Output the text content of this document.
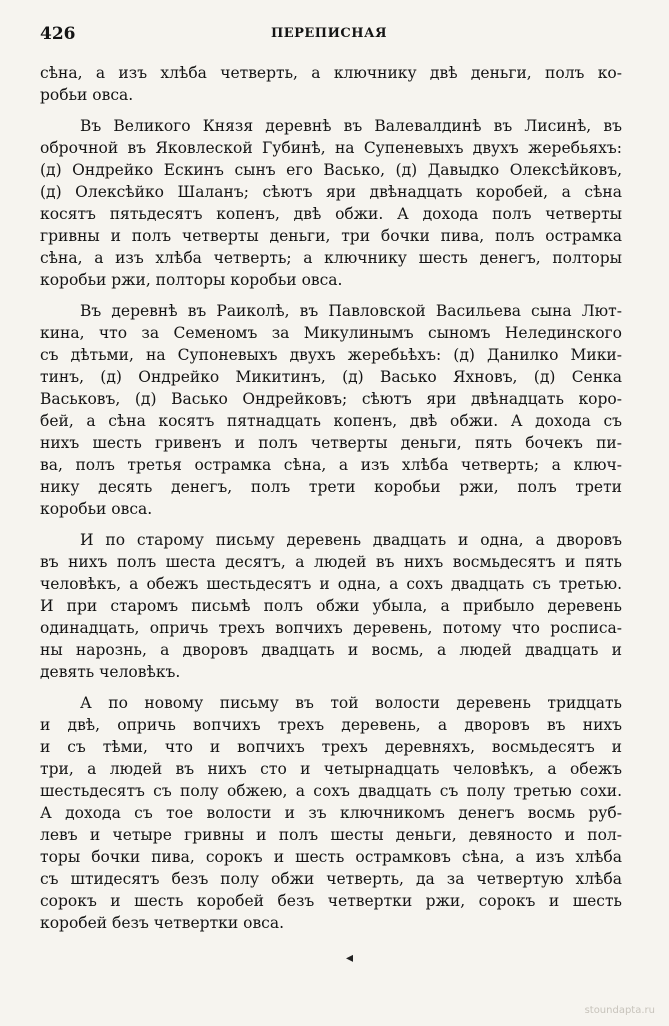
426	ПЕРЕПИСНАЯ
сѣна, а изъ хлѣба четверть, а ключнику двѣ деньги, полъ ко-
робьи овса.
Въ Великого Князя деревнѣ въ Валевалдинѣ въ Лисинѣ, въ
оброчной въ Яковлеской Губинѣ, на Супеневыхъ двухъ жеребьяхъ:
(д) Ондрейко Ескинъ сынъ его Васько, (д) Давыдко Олексѣйковъ,
(д) Олексѣйко Шаланъ; сѣютъ яри двѣнадцать коробей, а сѣна
косятъ пятьдесятъ копенъ, двѣ обжи. А дохода полъ четверты
гривны и полъ четверты деньги, три бочки пива, полъ острамка
сѣна, а изъ хлѣба четверть; а ключнику шесть денегъ, полторы
коробьи ржи, полторы коробьи овса.
Въ деревнѣ въ Раиколѣ, въ Павловской Васильева сына Лют-
кина, что за Семеномъ за Микулинымъ сыномъ Нелединского
съ дѣтьми, на Супоневыхъ двухъ жеребьѣхъ: (д) Данилко Мики-
тинъ, (д) Ондрейко Микитинъ, (д) Васько Яхновъ, (д) Сенка
Васьковъ, (д) Васько Ондрейковъ; сѣютъ яри двѣнадцать коро-
бей, а сѣна косятъ пятнадцать копенъ, двѣ обжи. А дохода съ
нихъ шесть гривенъ и полъ четверты деньги, пять бочекъ пи-
ва, полъ третья острамка сѣна, а изъ хлѣба четверть; а ключ-
нику десять денегъ, полъ трети коробьи ржи, полъ трети
коробьи овса.
И по старому письму деревень двадцать и одна, а дворовъ
въ нихъ полъ шеста десятъ, а людей въ нихъ восмьдесятъ и пять
человѣкъ, а обежъ шестьдесятъ и одна, а сохъ двадцать съ третью.
И при старомъ письмѣ полъ обжи убыла, а прибыло деревень
одинадцать, опричь трехъ вопчихъ деревень, потому что росписа-
ны нарознь, а дворовъ двадцать и восмь, а людей двадцать и
девять человѣкъ.
А по новому письму въ той волости деревень тридцать
и двѣ, опричь вопчихъ трехъ деревень, а дворовъ въ нихъ
и съ тѣми, что и вопчихъ трехъ деревняхъ, восмьдесятъ и
три, а людей въ нихъ сто и четырнадцать человѣкъ, а обежъ
шестьдесятъ съ полу обжею, а сохъ двадцать съ полу третью сохи.
А дохода съ тое волости и зъ ключникомъ денегъ восмь руб-
левъ и четыре гривны и полъ шесты деньги, девяносто и пол-
торы бочки пива, сорокъ и шесть острамковъ сѣна, а изъ хлѣба
съ штидесятъ безъ полу обжи четверть, да за четвертую хлѣба
сорокъ и шесть коробей безъ четвертки ржи, сорокъ и шесть
коробей безъ четвертки овса.
◂
stoundapta.ru
